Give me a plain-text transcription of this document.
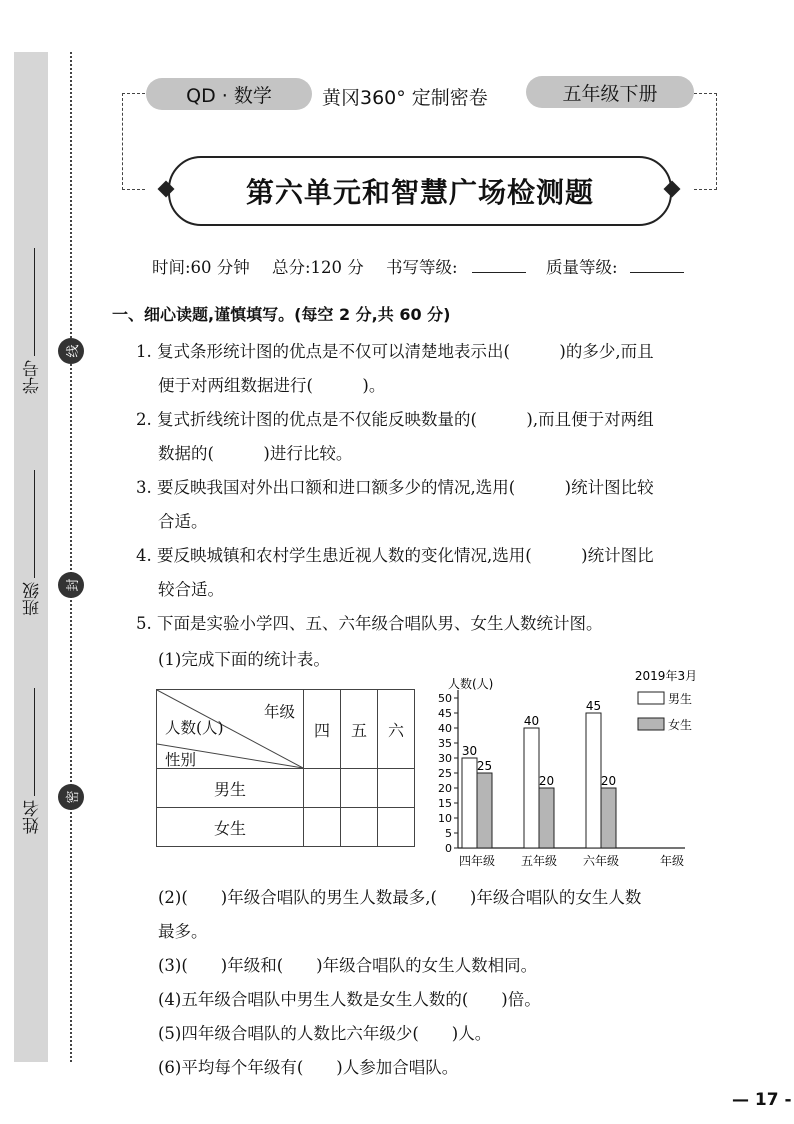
学号
班级
姓名
线
封
密
QD · 数学	黄冈360° 定制密卷	五年级下册
第六单元和智慧广场检测题
时间:60 分钟 总分:120 分 书写等级:	质量等级:
一、细心读题,谨慎填写。(每空 2 分,共 60 分)
1. 复式条形统计图的优点是不仅可以清楚地表示出(　　　)的多少,而且
便于对两组数据进行(　　　)。
2. 复式折线统计图的优点是不仅能反映数量的(　　　),而且便于对两组
数据的(　　　)进行比较。
3. 要反映我国对外出口额和进口额多少的情况,选用(　　　)统计图比较
合适。
4. 要反映城镇和农村学生患近视人数的变化情况,选用(　　　)统计图比
较合适。
5. 下面是实验小学四、五、六年级合唱队男、女生人数统计图。
(1)完成下面的统计表。
年级
人数(人)
性别	四	五	六
男生			
女生			
0
5
10
15
20
25
30
35
40
45
50
人数(人)
30
25
四年级
40
20
五年级
45
20
六年级	年级
2019年3月
男生
女生
(2)(　　)年级合唱队的男生人数最多,(　　)年级合唱队的女生人数
最多。
(3)(　　)年级和(　　)年级合唱队的女生人数相同。
(4)五年级合唱队中男生人数是女生人数的(　　)倍。
(5)四年级合唱队的人数比六年级少(　　)人。
(6)平均每个年级有(　　)人参加合唱队。
— 17 -
